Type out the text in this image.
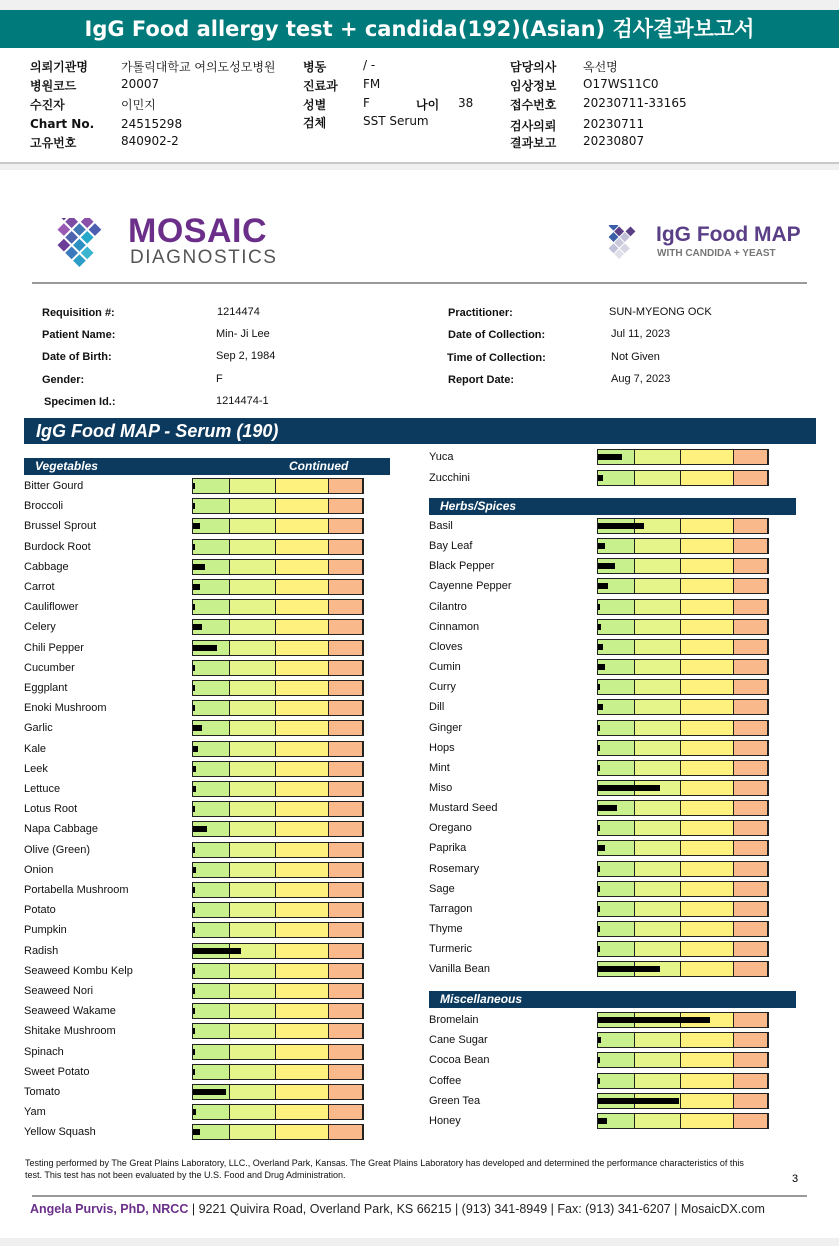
IgG Food allergy test + candida(192)(Asian) 검사결과보고서
의뢰기관명	가톨릭대학교 여의도성모병원
병원코드	20007
수진자	이민지
Chart No. 24515298
고유번호	840902-2
병동	/ -
진료과 FM
성별	F
검체	SST Serum
담당의사 옥선명
임상정보 O17WS11C0
접수번호 20230711-33165
검사의뢰 20230711
결과보고 20230807
나이 38
MOSAIC
DIAGNOSTICS
IgG Food MAP
WITH CANDIDA + YEAST
Requisition #:	1214474
Patient Name:	Min- Ji Lee
Date of Birth:	Sep 2, 1984
Gender:	F
Specimen Id.:	1214474-1
Practitioner:	SUN-MYEONG OCK
Date of Collection:	Jul 11, 2023
Time of Collection:	Not Given
Report Date:	Aug 7, 2023
IgG Food MAP - Serum (190)
Vegetables	Continued
Herbs/Spices
Miscellaneous
Bitter Gourd
Broccoli
Brussel Sprout
Burdock Root
Cabbage
Carrot
Cauliflower
Celery
Chili Pepper
Cucumber
Eggplant
Enoki Mushroom
Garlic
Kale
Leek
Lettuce
Lotus Root
Napa Cabbage
Olive (Green)
Onion
Portabella Mushroom
Potato
Pumpkin
Radish
Seaweed Kombu Kelp
Seaweed Nori
Seaweed Wakame
Shitake Mushroom
Spinach
Sweet Potato
Tomato
Yam
Yellow Squash
Yuca
Zucchini
Basil
Bay Leaf
Black Pepper
Cayenne Pepper
Cilantro
Cinnamon
Cloves
Cumin
Curry
Dill
Ginger
Hops
Mint
Miso
Mustard Seed
Oregano
Paprika
Rosemary
Sage
Tarragon
Thyme
Turmeric
Vanilla Bean
Bromelain
Cane Sugar
Cocoa Bean
Coffee
Green Tea
Honey
Testing performed by The Great Plains Laboratory, LLC., Overland Park, Kansas. The Great Plains Laboratory has developed and determined the performance characteristics of this test. This test has not been evaluated by the U.S. Food and Drug Administration.	3
Angela Purvis, PhD, NRCC | 9221 Quivira Road, Overland Park, KS 66215 | (913) 341-8949 | Fax: (913) 341-6207 | MosaicDX.com
